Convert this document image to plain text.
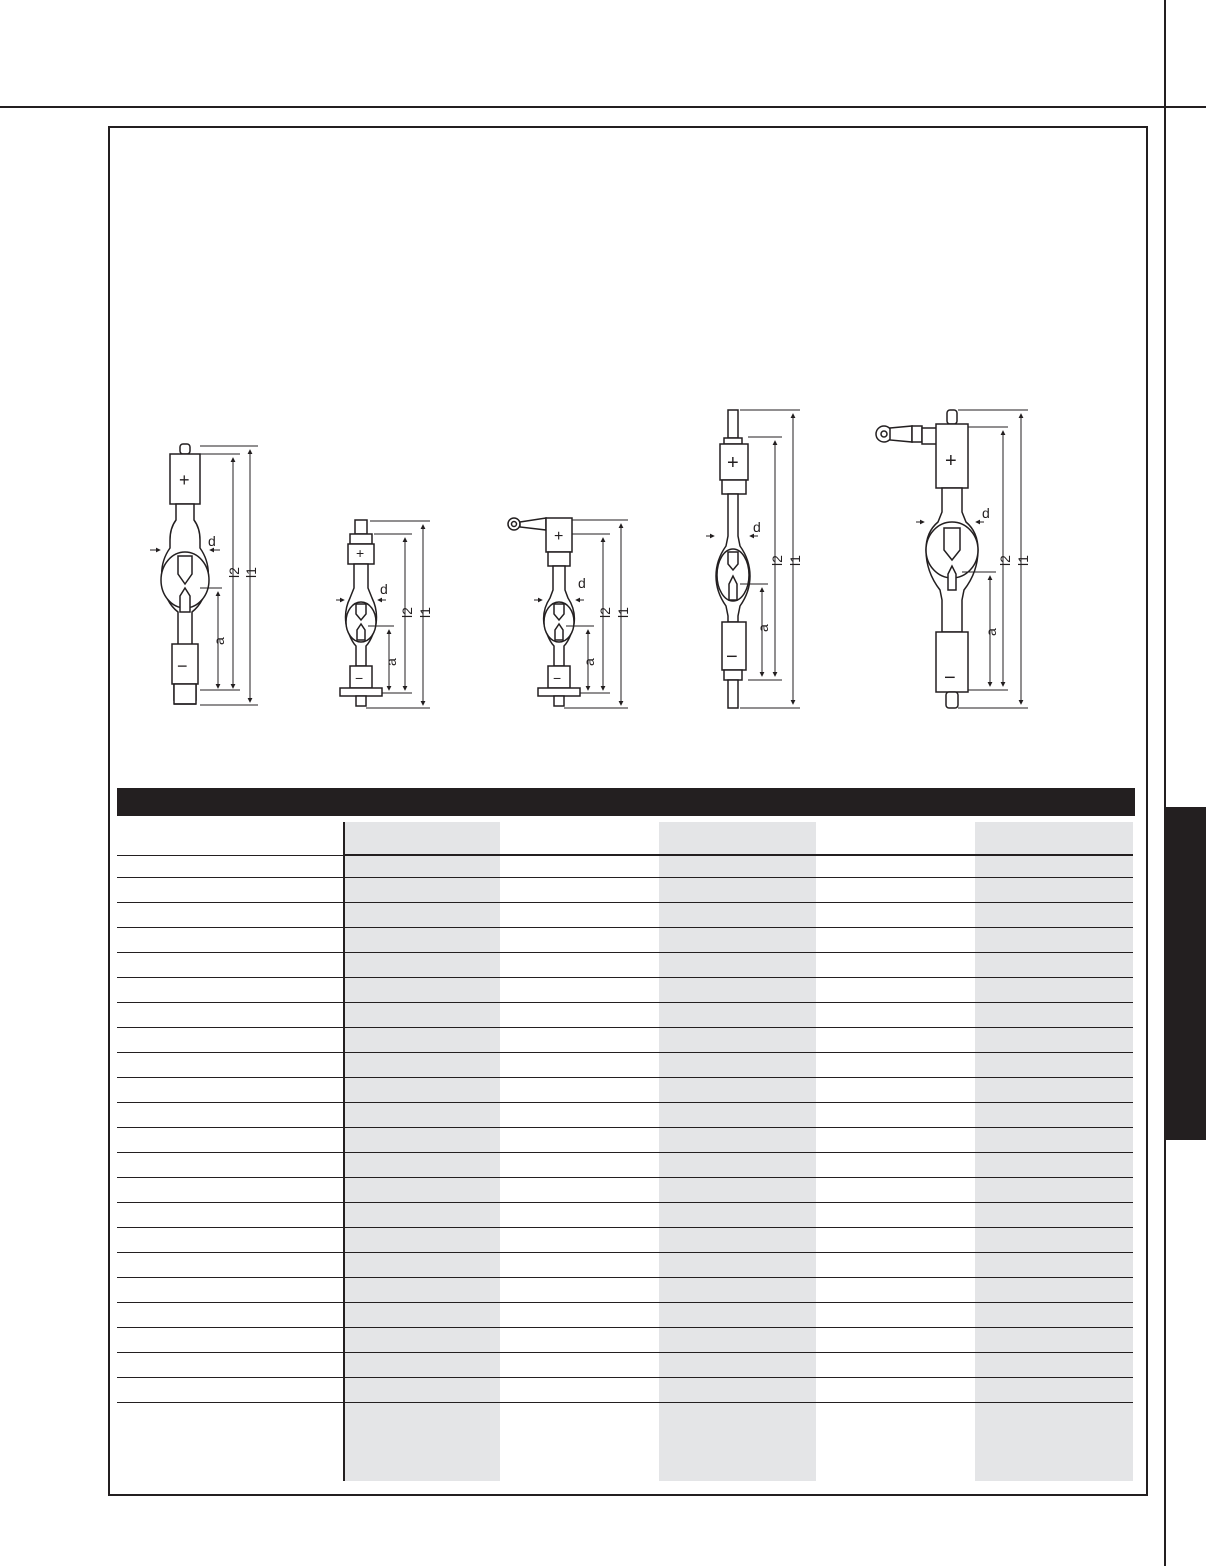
+
−
d
l2 l1
a
+
−
d
l2 l1
a
+
−
d
l2 l1
a
+
−
d
l2 l1
a
+
−
d
l2 l1
a
